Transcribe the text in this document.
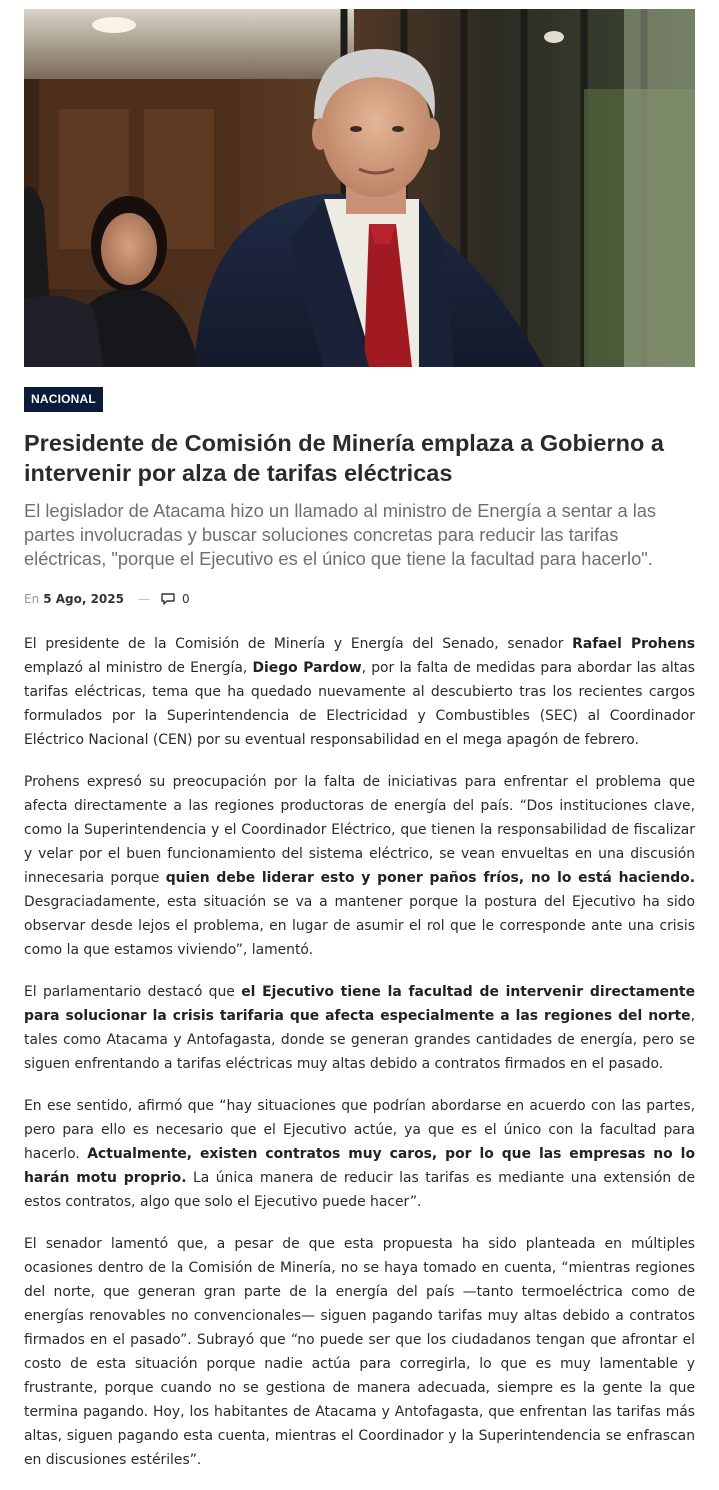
NACIONAL
Presidente de Comisión de Minería emplaza a Gobierno a intervenir por alza de tarifas eléctricas

El legislador de Atacama hizo un llamado al ministro de Energía a sentar a las partes involucradas y buscar soluciones concretas para reducir las tarifas eléctricas, "porque el Ejecutivo es el único que tiene la facultad para hacerlo".

En 5 Ago, 2025 —	0

El presidente de la Comisión de Minería y Energía del Senado, senador Rafael Prohens emplazó al ministro de Energía, Diego Pardow, por la falta de medidas para abordar las altas tarifas eléctricas, tema que ha quedado nuevamente al descubierto tras los recientes cargos formulados por la Superintendencia de Electricidad y Combustibles (SEC) al Coordinador Eléctrico Nacional (CEN) por su eventual responsabilidad en el mega apagón de febrero.

Prohens expresó su preocupación por la falta de iniciativas para enfrentar el problema que afecta directamente a las regiones productoras de energía del país. “Dos instituciones clave, como la Superintendencia y el Coordinador Eléctrico, que tienen la responsabilidad de fiscalizar y velar por el buen funcionamiento del sistema eléctrico, se vean envueltas en una discusión innecesaria porque quien debe liderar esto y poner paños fríos, no lo está haciendo. Desgraciadamente, esta situación se va a mantener porque la postura del Ejecutivo ha sido observar desde lejos el problema, en lugar de asumir el rol que le corresponde ante una crisis como la que estamos viviendo”, lamentó.

El parlamentario destacó que el Ejecutivo tiene la facultad de intervenir directamente para solucionar la crisis tarifaria que afecta especialmente a las regiones del norte, tales como Atacama y Antofagasta, donde se generan grandes cantidades de energía, pero se siguen enfrentando a tarifas eléctricas muy altas debido a contratos firmados en el pasado.

En ese sentido, afirmó que “hay situaciones que podrían abordarse en acuerdo con las partes, pero para ello es necesario que el Ejecutivo actúe, ya que es el único con la facultad para hacerlo. Actualmente, existen contratos muy caros, por lo que las empresas no lo harán motu proprio. La única manera de reducir las tarifas es mediante una extensión de estos contratos, algo que solo el Ejecutivo puede hacer”.

El senador lamentó que, a pesar de que esta propuesta ha sido planteada en múltiples ocasiones dentro de la Comisión de Minería, no se haya tomado en cuenta, “mientras regiones del norte, que generan gran parte de la energía del país —tanto termoeléctrica como de energías renovables no convencionales— siguen pagando tarifas muy altas debido a contratos firmados en el pasado”. Subrayó que “no puede ser que los ciudadanos tengan que afrontar el costo de esta situación porque nadie actúa para corregirla, lo que es muy lamentable y frustrante, porque cuando no se gestiona de manera adecuada, siempre es la gente la que termina pagando. Hoy, los habitantes de Atacama y Antofagasta, que enfrentan las tarifas más altas, siguen pagando esta cuenta, mientras el Coordinador y la Superintendencia se enfrascan en discusiones estériles”.
